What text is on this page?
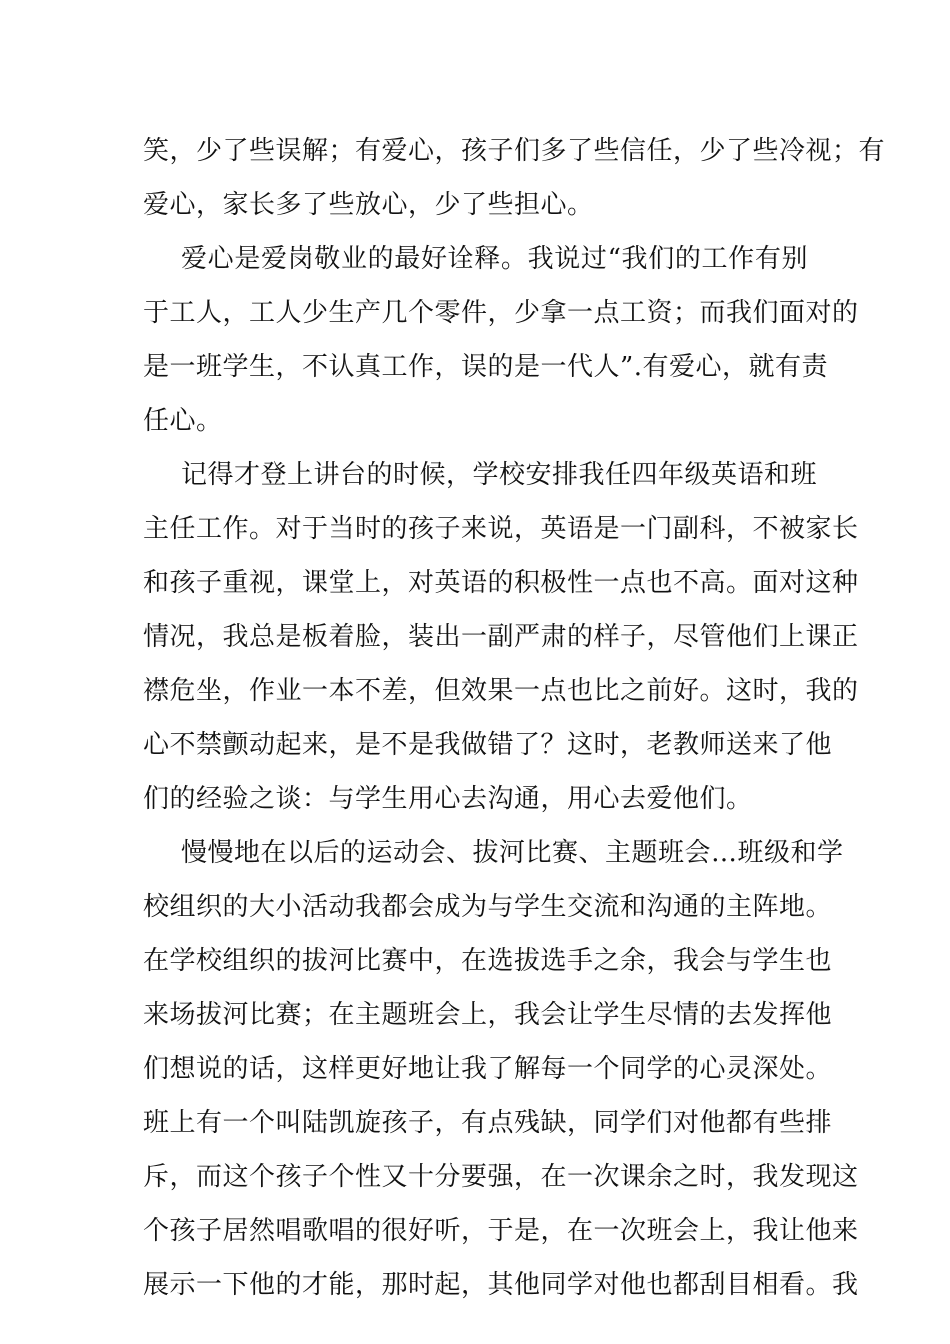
笑，少了些误解；有爱心，孩子们多了些信任，少了些冷视；有
爱心，家长多了些放心，少了些担心。
爱心是爱岗敬业的最好诠释。我说过“我们的工作有别
于工人，工人少生产几个零件，少拿一点工资；而我们面对的
是一班学生，不认真工作，误的是一代人”.有爱心，就有责
任心。
记得才登上讲台的时候，学校安排我任四年级英语和班
主任工作。对于当时的孩子来说，英语是一门副科，不被家长
和孩子重视，课堂上，对英语的积极性一点也不高。面对这种
情况，我总是板着脸，装出一副严肃的样子，尽管他们上课正
襟危坐，作业一本不差，但效果一点也比之前好。这时，我的
心不禁颤动起来，是不是我做错了？这时，老教师送来了他
们的经验之谈：与学生用心去沟通，用心去爱他们。
慢慢地在以后的运动会、拔河比赛、主题班会…班级和学
校组织的大小活动我都会成为与学生交流和沟通的主阵地。
在学校组织的拔河比赛中，在选拔选手之余，我会与学生也
来场拔河比赛；在主题班会上，我会让学生尽情的去发挥他
们想说的话，这样更好地让我了解每一个同学的心灵深处。
班上有一个叫陆凯旋孩子，有点残缺，同学们对他都有些排
斥，而这个孩子个性又十分要强，在一次课余之时，我发现这
个孩子居然唱歌唱的很好听，于是，在一次班会上，我让他来
展示一下他的才能，那时起，其他同学对他也都刮目相看。我
